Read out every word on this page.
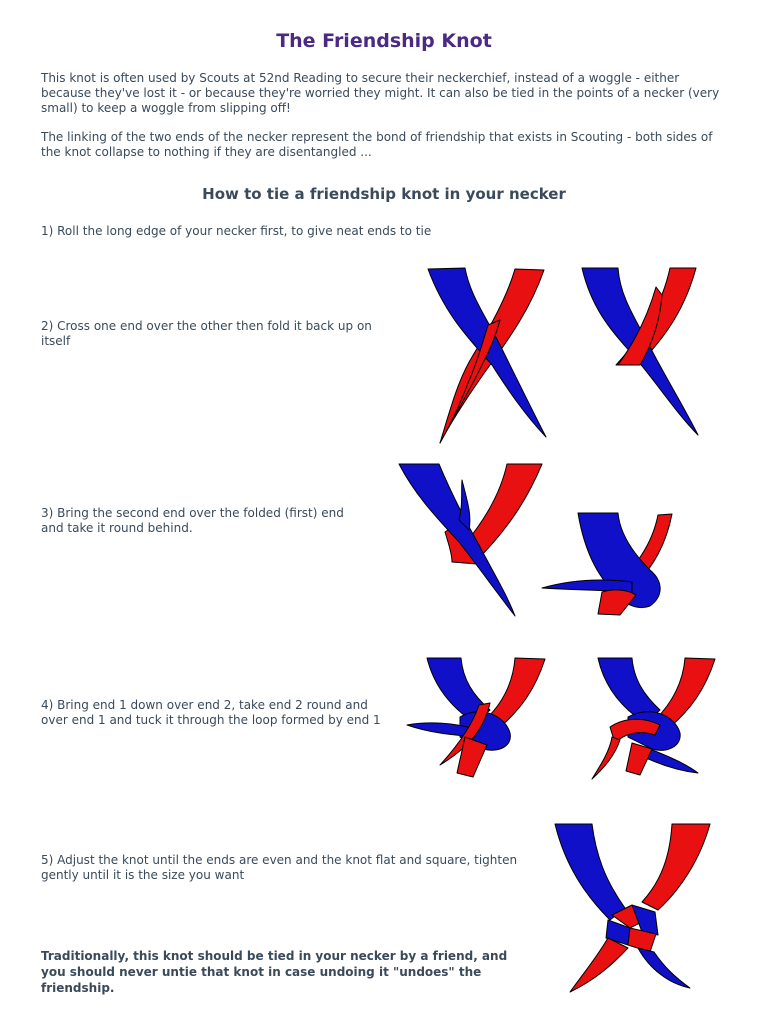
The Friendship Knot

This knot is often used by Scouts at 52nd Reading to secure their neckerchief, instead of a woggle - either because they've lost it - or because they're worried they might. It can also be tied in the points of a necker (very small) to keep a woggle from slipping off!

The linking of the two ends of the necker represent the bond of friendship that exists in Scouting - both sides of the knot collapse to nothing if they are disentangled ...

How to tie a friendship knot in your necker

1) Roll the long edge of your necker first, to give neat ends to tie

2) Cross one end over the other then fold it back up on itself

3) Bring the second end over the folded (first) end and take it round behind.

4) Bring end 1 down over end 2, take end 2 round and over end 1 and tuck it through the loop formed by end 1

5) Adjust the knot until the ends are even and the knot flat and square, tighten gently until it is the size you want

Traditionally, this knot should be tied in your necker by a friend, and you should never untie that knot in case undoing it "undoes" the friendship.
